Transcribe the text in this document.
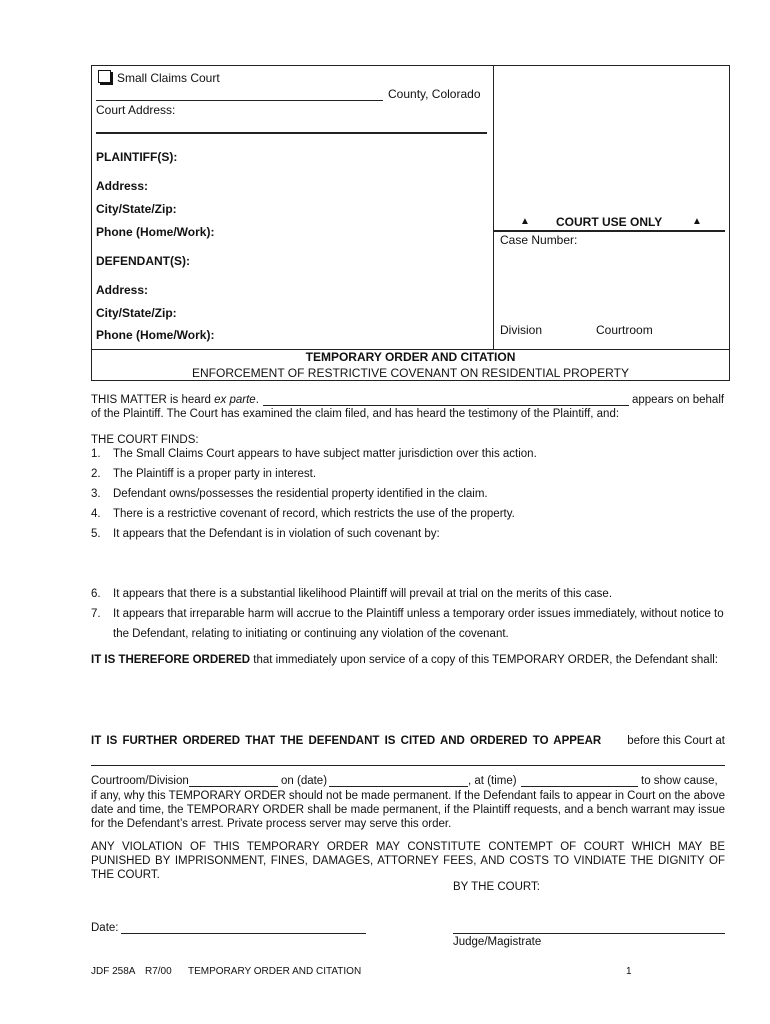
Small Claims Court
County, Colorado
Court Address:
PLAINTIFF(S):
Address:
City/State/Zip:
Phone (Home/Work):
DEFENDANT(S):
Address:
City/State/Zip:
Phone (Home/Work):
▲ COURT USE ONLY	▲
Case Number:
Division	Courtroom
TEMPORARY ORDER AND CITATION
ENFORCEMENT OF RESTRICTIVE COVENANT ON RESIDENTIAL PROPERTY
THIS MATTER is heard ex parte.	appears on behalf
of the Plaintiff. The Court has examined the claim filed, and has heard the testimony of the Plaintiff, and:
THE COURT FINDS:
1.	The Small Claims Court appears to have subject matter jurisdiction over this action.
2.	The Plaintiff is a proper party in interest.
3.	Defendant owns/possesses the residential property identified in the claim.
4.	There is a restrictive covenant of record, which restricts the use of the property.
5.	It appears that the Defendant is in violation of such covenant by:
6.	It appears that there is a substantial likelihood Plaintiff will prevail at trial on the merits of this case.
7.	It appears that irreparable harm will accrue to the Plaintiff unless a temporary order issues immediately, without notice to
the Defendant, relating to initiating or continuing any violation of the covenant.
IT IS THEREFORE ORDERED that immediately upon service of a copy of this TEMPORARY ORDER, the Defendant shall:
IT IS FURTHER ORDERED THAT THE DEFENDANT IS CITED AND ORDERED TO APPEAR before this Court at
Courtroom/Division	on (date)	, at (time)	to show cause,
if any, why this TEMPORARY ORDER should not be made permanent. If the Defendant fails to appear in Court on the above date and time, the TEMPORARY ORDER shall be made permanent, if the Plaintiff requests, and a bench warrant may issue for the Defendant’s arrest. Private process server may serve this order.
ANY VIOLATION OF THIS TEMPORARY ORDER MAY CONSTITUTE CONTEMPT OF COURT WHICH MAY BE PUNISHED BY IMPRISONMENT, FINES, DAMAGES, ATTORNEY FEES, AND COSTS TO VINDIATE THE DIGNITY OF THE COURT.
BY THE COURT:
Date:
Judge/Magistrate
JDF 258A R7/00 TEMPORARY ORDER AND CITATION	1
